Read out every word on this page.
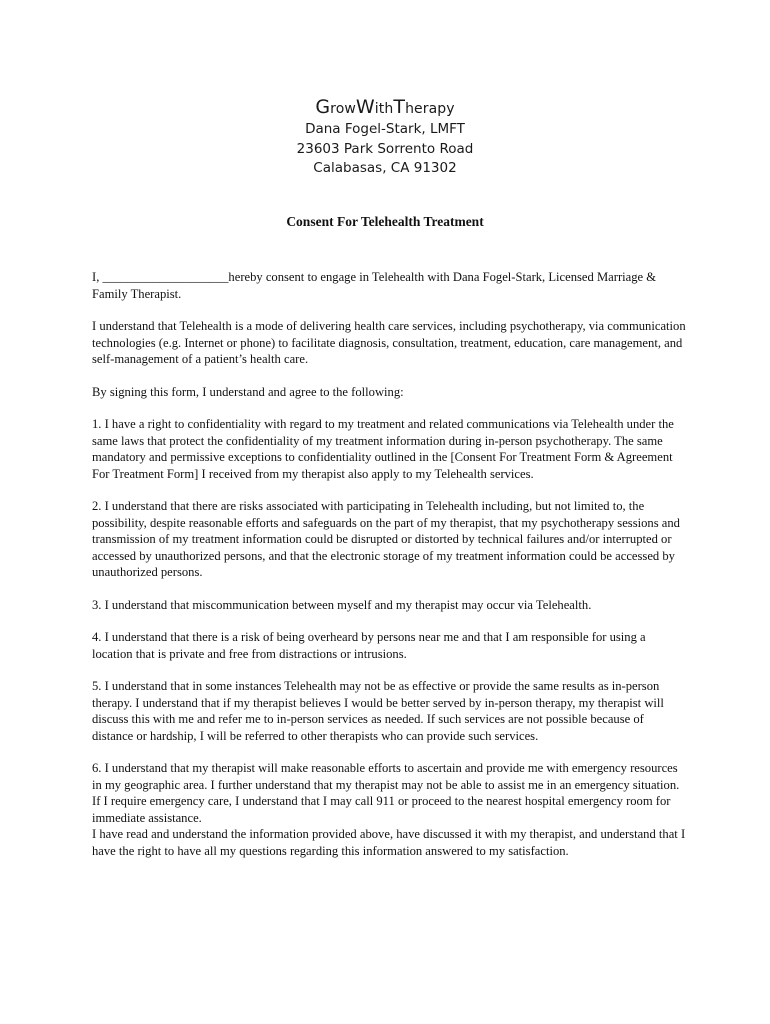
GrowWithTherapy
Dana Fogel-Stark, LMFT
23603 Park Sorrento Road
Calabasas, CA 91302
Consent For Telehealth Treatment

I, ____________________hereby consent to engage in Telehealth with Dana Fogel-Stark, Licensed Marriage & Family Therapist.

I understand that Telehealth is a mode of delivering health care services, including psychotherapy, via communication technologies (e.g. Internet or phone) to facilitate diagnosis, consultation, treatment, education, care management, and self-management of a patient’s health care.

By signing this form, I understand and agree to the following:

1. I have a right to confidentiality with regard to my treatment and related communications via Telehealth under the same laws that protect the confidentiality of my treatment information during in-person psychotherapy. The same mandatory and permissive exceptions to confidentiality outlined in the [Consent For Treatment Form & Agreement For Treatment Form] I received from my therapist also apply to my Telehealth services.

2. I understand that there are risks associated with participating in Telehealth including, but not limited to, the possibility, despite reasonable efforts and safeguards on the part of my therapist, that my psychotherapy sessions and transmission of my treatment information could be disrupted or distorted by technical failures and/or interrupted or accessed by unauthorized persons, and that the electronic storage of my treatment information could be accessed by unauthorized persons.

3. I understand that miscommunication between myself and my therapist may occur via Telehealth.

4. I understand that there is a risk of being overheard by persons near me and that I am responsible for using a location that is private and free from distractions or intrusions.

5. I understand that in some instances Telehealth may not be as effective or provide the same results as in-person therapy. I understand that if my therapist believes I would be better served by in-person therapy, my therapist will discuss this with me and refer me to in-person services as needed. If such services are not possible because of distance or hardship, I will be referred to other therapists who can provide such services.

6. I understand that my therapist will make reasonable efforts to ascertain and provide me with emergency resources in my geographic area. I further understand that my therapist may not be able to assist me in an emergency situation. If I require emergency care, I understand that I may call 911 or proceed to the nearest hospital emergency room for immediate assistance.

I have read and understand the information provided above, have discussed it with my therapist, and understand that I have the right to have all my questions regarding this information answered to my satisfaction.
